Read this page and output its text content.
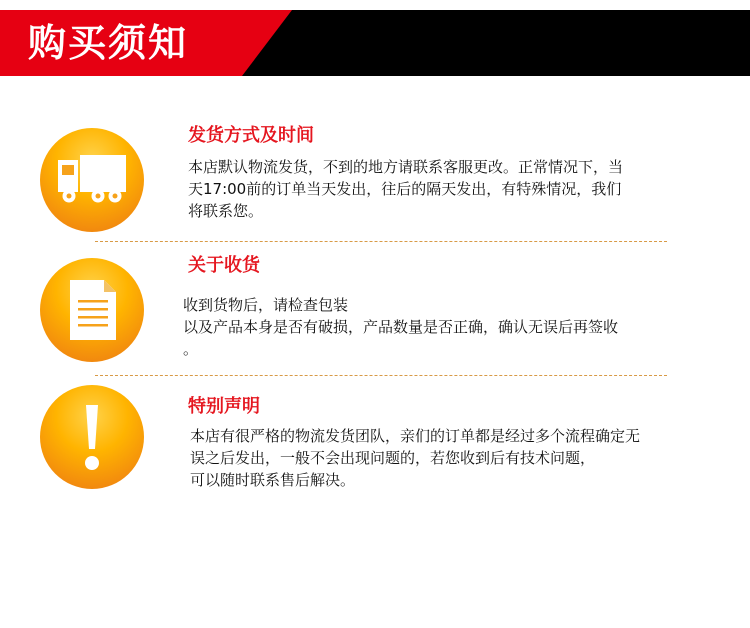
购买须知
发货方式及时间
本店默认物流发货，不到的地方请联系客服更改。正常情况下，当
天17:00前的订单当天发出，往后的隔天发出，有特殊情况，我们
将联系您。
关于收货
收到货物后，请检查包装
以及产品本身是否有破损，产品数量是否正确，确认无误后再签收
。
特别声明
本店有很严格的物流发货团队，亲们的订单都是经过多个流程确定无
误之后发出，一般不会出现问题的，若您收到后有技术问题，
可以随时联系售后解决。
